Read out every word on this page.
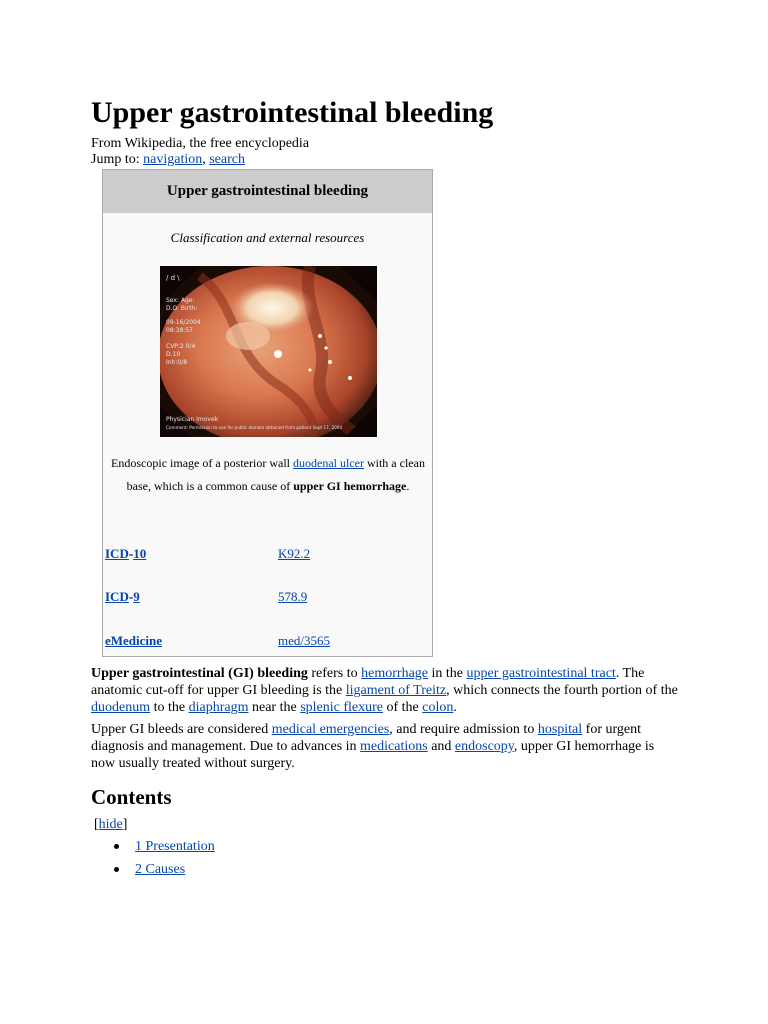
Upper gastrointestinal bleeding
From Wikipedia, the free encyclopedia
Jump to: navigation, search
Upper gastrointestinal bleeding
Classification and external resources
/ d \
Sex: Age:
D.O. Birth:
09-16/2004
08:38:57
CVP:2 0/4
D.10
Inh:0/8
Physician Imovek
Comment: Permission to use for public domain obtained from patient Sept 17, 2004
Endoscopic image of a posterior wall duodenal ulcer with a clean base, which is a common cause of upper GI hemorrhage.
ICD-10	K92.2
ICD-9	578.9
eMedicine	med/3565
Upper gastrointestinal (GI) bleeding refers to hemorrhage in the upper gastrointestinal tract. The anatomic cut-off for upper GI bleeding is the ligament of Treitz, which connects the fourth portion of the duodenum to the diaphragm near the splenic flexure of the colon.
Upper GI bleeds are considered medical emergencies, and require admission to hospital for urgent diagnosis and management. Due to advances in medications and endoscopy, upper GI hemorrhage is now usually treated without surgery.
Contents
[hide]
1 Presentation
2 Causes
